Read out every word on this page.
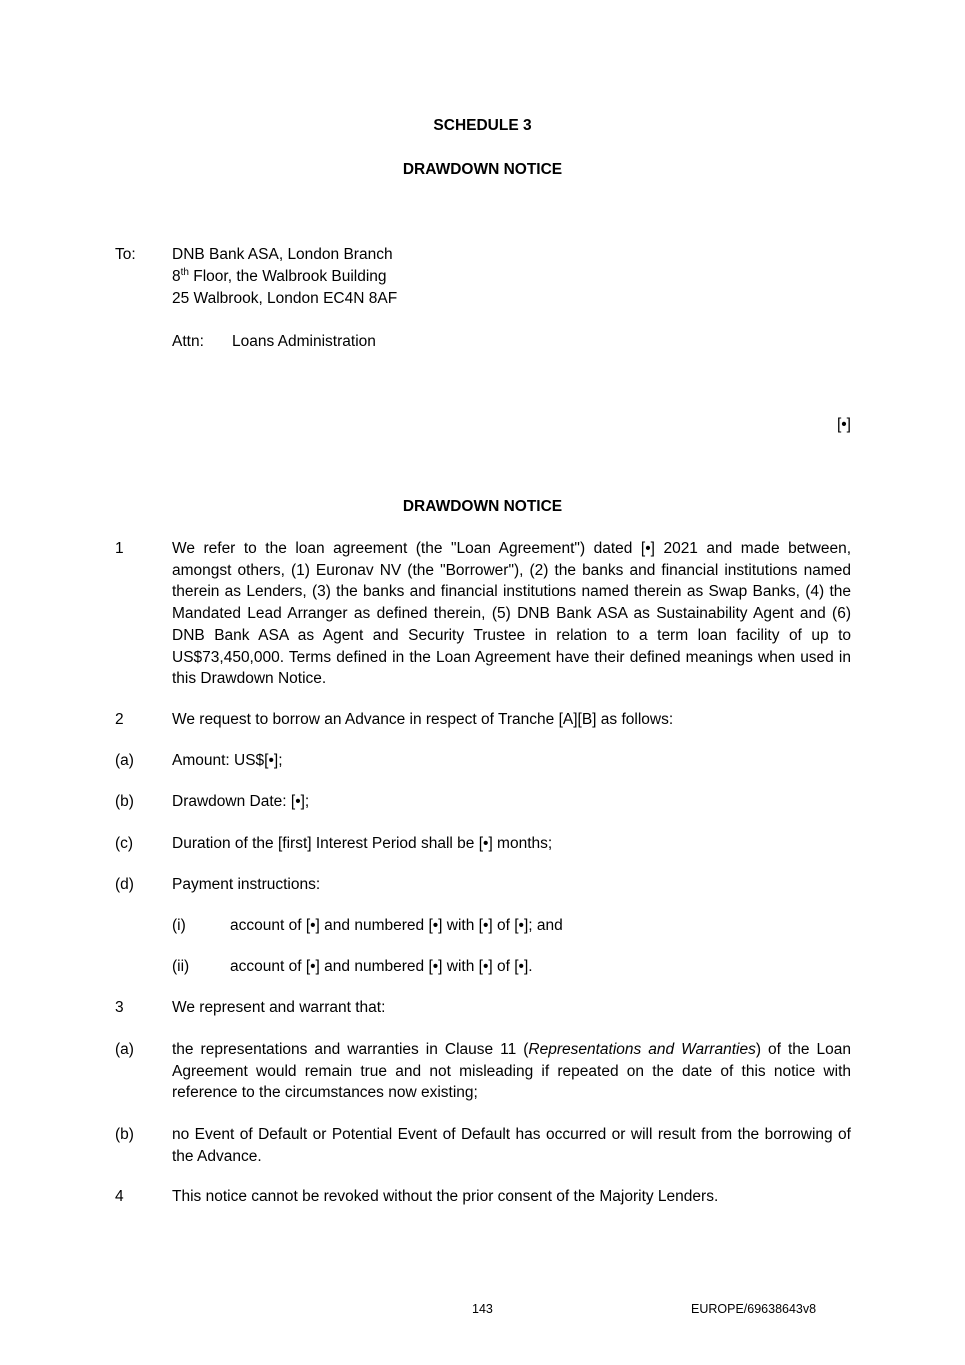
SCHEDULE 3
DRAWDOWN NOTICE
To: DNB Bank ASA, London Branch
8th Floor, the Walbrook Building
25 Walbrook, London EC4N 8AF
Attn: Loans Administration
[•]
DRAWDOWN NOTICE
1	We refer to the loan agreement (the "Loan Agreement") dated [•] 2021 and made between, amongst others, (1) Euronav NV (the "Borrower"), (2) the banks and financial institutions named therein as Lenders, (3) the banks and financial institutions named therein as Swap Banks, (4) the Mandated Lead Arranger as defined therein, (5) DNB Bank ASA as Sustainability Agent and (6) DNB Bank ASA as Agent and Security Trustee in relation to a term loan facility of up to US$73,450,000. Terms defined in the Loan Agreement have their defined meanings when used in this Drawdown Notice.
2	We request to borrow an Advance in respect of Tranche [A][B] as follows:
(a) Amount: US$[•];
(b) Drawdown Date: [•];
(c)	Duration of the [first] Interest Period shall be [•] months;
(d) Payment instructions:
(i)	account of [•] and numbered [•] with [•] of [•]; and
(ii)	account of [•] and numbered [•] with [•] of [•].
3	We represent and warrant that:
(a) the representations and warranties in Clause 11 (Representations and Warranties) of the Loan Agreement would remain true and not misleading if repeated on the date of this notice with reference to the circumstances now existing;
(b) no Event of Default or Potential Event of Default has occurred or will result from the borrowing of the Advance.
4	This notice cannot be revoked without the prior consent of the Majority Lenders.
143	EUROPE/69638643v8
